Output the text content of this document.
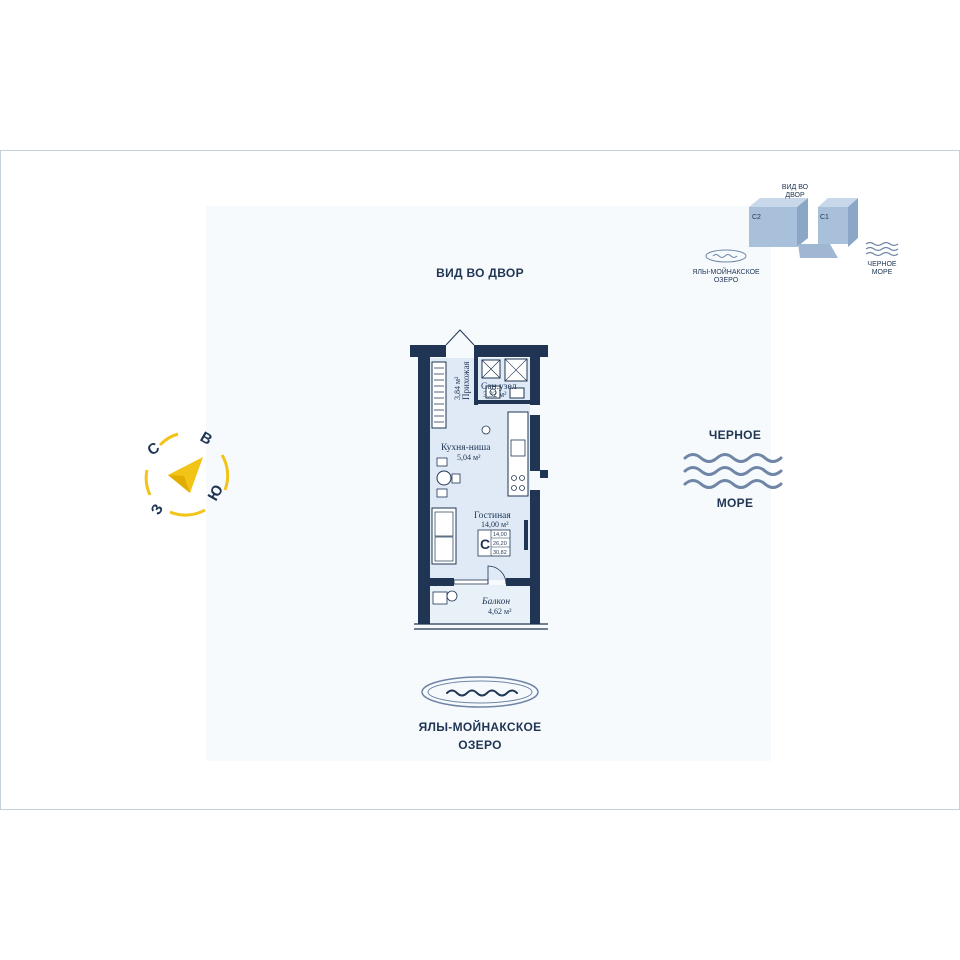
ВИД ВО ДВОР
ЧЕРНОЕ
МОРЕ
ЯЛЫ-МОЙНАКСКОЕ
ОЗЕРО
С
В
Ю
З
ВИД ВО
ДВОР
С2	С1
ЯЛЫ-МОЙНАКСКОЕ
ОЗЕРО
ЧЕРНОЕ
МОРЕ
Прихожая
3,84 м² Сан.узел
3,32 м²
Кухня-ниша
5,04 м²
Гостиная
14,00 м²
Балкон
4,62 м²
С
14,00
26,20
30,82
